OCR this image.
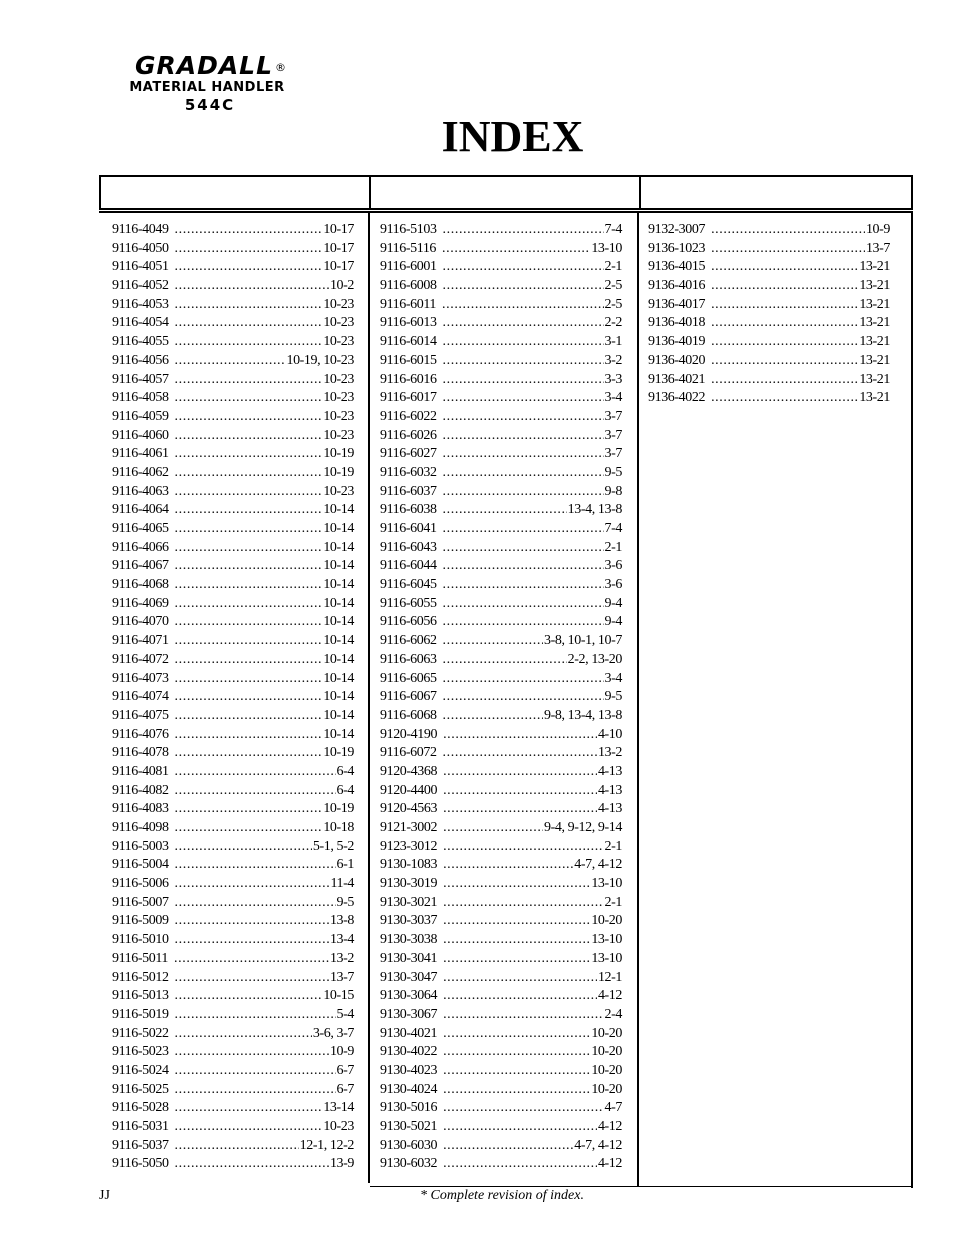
GRADALL ®
MATERIAL HANDLER
544C
INDEX
9116-4049 .....	10-17
9116-4050 .....	10-17
9116-4051 .....	10-17
9116-4052 .....	10-2
9116-4053 .....	10-23
9116-4054 .....	10-23
9116-4055 .....	10-23
9116-4056 .....	10-19, 10-23
9116-4057 .....	10-23
9116-4058 .....	10-23
9116-4059 .....	10-23
9116-4060 .....	10-23
9116-4061 .....	10-19
9116-4062 .....	10-19
9116-4063 .....	10-23
9116-4064 .....	10-14
9116-4065 .....	10-14
9116-4066 .....	10-14
9116-4067 .....	10-14
9116-4068 .....	10-14
9116-4069 .....	10-14
9116-4070 .....	10-14
9116-4071 .....	10-14
9116-4072 .....	10-14
9116-4073 .....	10-14
9116-4074 .....	10-14
9116-4075 .....	10-14
9116-4076 .....	10-14
9116-4078 .....	10-19
9116-4081 .....	6-4
9116-4082 .....	6-4
9116-4083 .....	10-19
9116-4098 .....	10-18
9116-5003 .....	5-1, 5-2
9116-5004 .....	6-1
9116-5006 .....	11-4
9116-5007 .....	9-5
9116-5009 .....	13-8
9116-5010 .....	13-4
9116-5011 .....	13-2
9116-5012 .....	13-7
9116-5013 .....	10-15
9116-5019 .....	5-4
9116-5022 .....	3-6, 3-7
9116-5023 .....	10-9
9116-5024 .....	6-7
9116-5025 .....	6-7
9116-5028 .....	13-14
9116-5031 .....	10-23
9116-5037 .....	12-1, 12-2
9116-5050 .....	13-9
9116-5103 .....	7-4
9116-5116 .....	13-10
9116-6001 .....	2-1
9116-6008 .....	2-5
9116-6011 .....	2-5
9116-6013 .....	2-2
9116-6014 .....	3-1
9116-6015 .....	3-2
9116-6016 .....	3-3
9116-6017 .....	3-4
9116-6022 .....	3-7
9116-6026 .....	3-7
9116-6027 .....	3-7
9116-6032 .....	9-5
9116-6037 .....	9-8
9116-6038 .....	13-4, 13-8
9116-6041 .....	7-4
9116-6043 .....	2-1
9116-6044 .....	3-6
9116-6045 .....	3-6
9116-6055 .....	9-4
9116-6056 .....	9-4
9116-6062 .....	3-8, 10-1, 10-7
9116-6063 .....	2-2, 13-20
9116-6065 .....	3-4
9116-6067 .....	9-5
9116-6068 .....	9-8, 13-4, 13-8
9120-4190 .....	4-10
9116-6072 .....	13-2
9120-4368 .....	4-13
9120-4400 .....	4-13
9120-4563 .....	4-13
9121-3002 .....	9-4, 9-12, 9-14
9123-3012 .....	2-1
9130-1083 .....	4-7, 4-12
9130-3019 .....	13-10
9130-3021 .....	2-1
9130-3037 .....	10-20
9130-3038 .....	13-10
9130-3041 .....	13-10
9130-3047 .....	12-1
9130-3064 .....	4-12
9130-3067 .....	2-4
9130-4021 .....	10-20
9130-4022 .....	10-20
9130-4023 .....	10-20
9130-4024 .....	10-20
9130-5016 .....	4-7
9130-5021 .....	4-12
9130-6030 .....	4-7, 4-12
9130-6032 .....	4-12
9132-3007 .....	10-9
9136-1023 .....	13-7
9136-4015 .....	13-21
9136-4016 .....	13-21
9136-4017 .....	13-21
9136-4018 .....	13-21
9136-4019 .....	13-21
9136-4020 .....	13-21
9136-4021 .....	13-21
9136-4022 .....	13-21
JJ	* Complete revision of index.
